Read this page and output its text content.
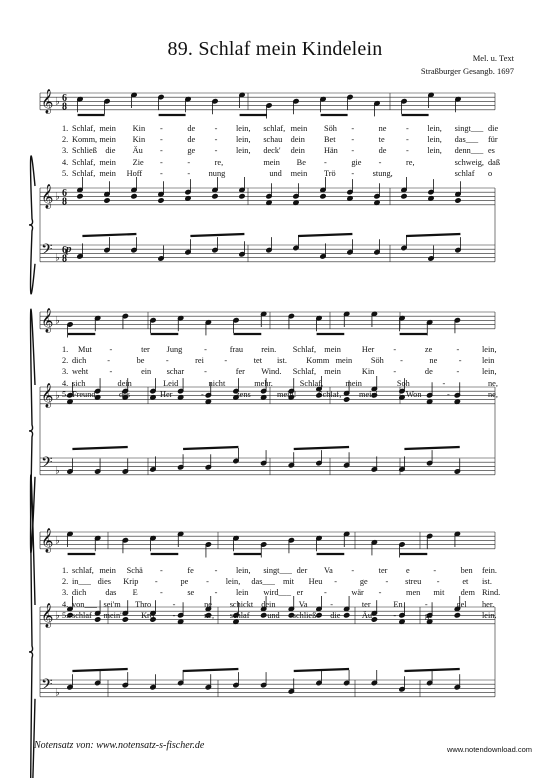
89. Schlaf mein Kindelein	Mel. u. Text
Straßburger Gesangb. 1697
𝄞
𝄞
𝄢
♭
♭
♭
6
8
6
8
6
8
𝄞
𝄞
𝄢
♭
♭
♭
𝄞
𝄞
𝄢
♭
♭
♭
1. Schlaf, mein Kin -	de - lein, schlaf, mein Söh -	ne - lein, singt___ die
2. Komm, mein Kin -	de - lein, schau dein Bet -	te	- lein, das___ für
3. Schließ die Äu -	ge - lein, deck' dein Hän -	de - lein, denn___ es
4. Schlaf, mein Zie -	-	re,	mein Be -	gie -	re,	schweig, daß
5. Schlaf, mein Hoff -	- nung	und mein Trö - stung,	schlaf o
1. Mut -	ter Jung	-	frau rein. Schlaf, mein	Her -	ze	-	lein,
2. dich	-	be	-	rei -	tet ist. Komm mein Söh -	ne	- lein
3. weht	-	ein schar -	fer Wind. Schlaf, mein	Kin -	de	-	lein,
4. sich	dein	Leid	nicht	mehr.	Schlaf,	mein	Soh	-	ne,
5. Freund	des	Her	-	zens	mein!	Schlaf, mein'	Won	-	ne,
1. schlaf, mein Schä -	fe	- lein, singt___ der Va -	ter e	-	ben fein.
2. in___ dies Krip -	pe - lein, das___ mit Heu -	ge - streu -	et ist.
3. dich das E	-	se - lein wird___ er	-	wär -	men mit dem Rind.
4. von___ sei'm Thro	-	ne schickt dein	Va	-	ter	En	-	gel her.
5. schlaf mein' Kro -	ne, schlaf und schließ die	Äu	-	ge	-	lein.
p
Notensatz von: www.notensatz-s-fischer.de	www.notendownload.com
